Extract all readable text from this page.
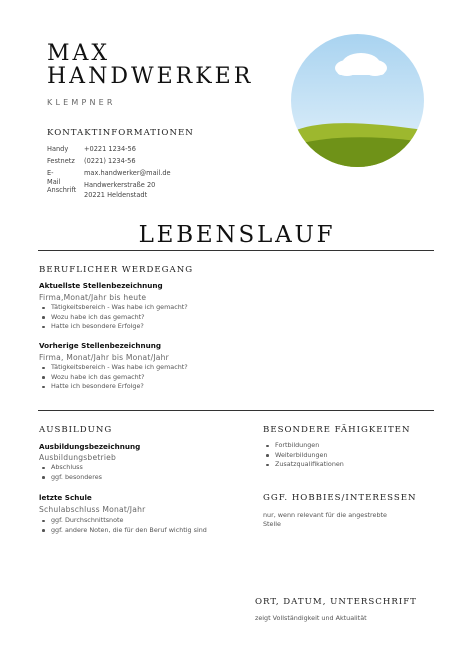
MAX
HANDWERKER
KLEMPNER
KONTAKTINFORMATIONEN
Handy +0221 1234-56
Festnetz (0221) 1234-56
E-Mail
max.handwerker@mail.de
Anschrift
Handwerkerstraße 20
20221 Heldenstadt
LEBENSLAUF
BERUFLICHER WERDEGANG
Aktuellste Stellenbezeichnung
Firma,Monat/Jahr bis heute
Tätigkeitsbereich - Was habe ich gemacht?
Wozu habe ich das gemacht?
Hatte ich besondere Erfolge?
Vorherige Stellenbezeichnung
Firma, Monat/Jahr bis Monat/Jahr
Tätigkeitsbereich - Was habe ich gemacht?
Wozu habe ich das gemacht?
Hatte ich besondere Erfolge?
AUSBILDUNG
Ausbildungsbezeichnung
Ausbildungsbetrieb
Abschluss
ggf. besonderes
letzte Schule
Schulabschluss Monat/Jahr
ggf. Durchschnittsnote
ggf. andere Noten, die für den Beruf wichtig sind
BESONDERE FÄHIGKEITEN
Fortbildungen
Weiterbildungen
Zusatzqualifikationen
GGF. HOBBIES/INTERESSEN
nur, wenn relevant für die angestrebte
Stelle
ORT, DATUM, UNTERSCHRIFT
zeigt Vollständigkeit und Aktualität
